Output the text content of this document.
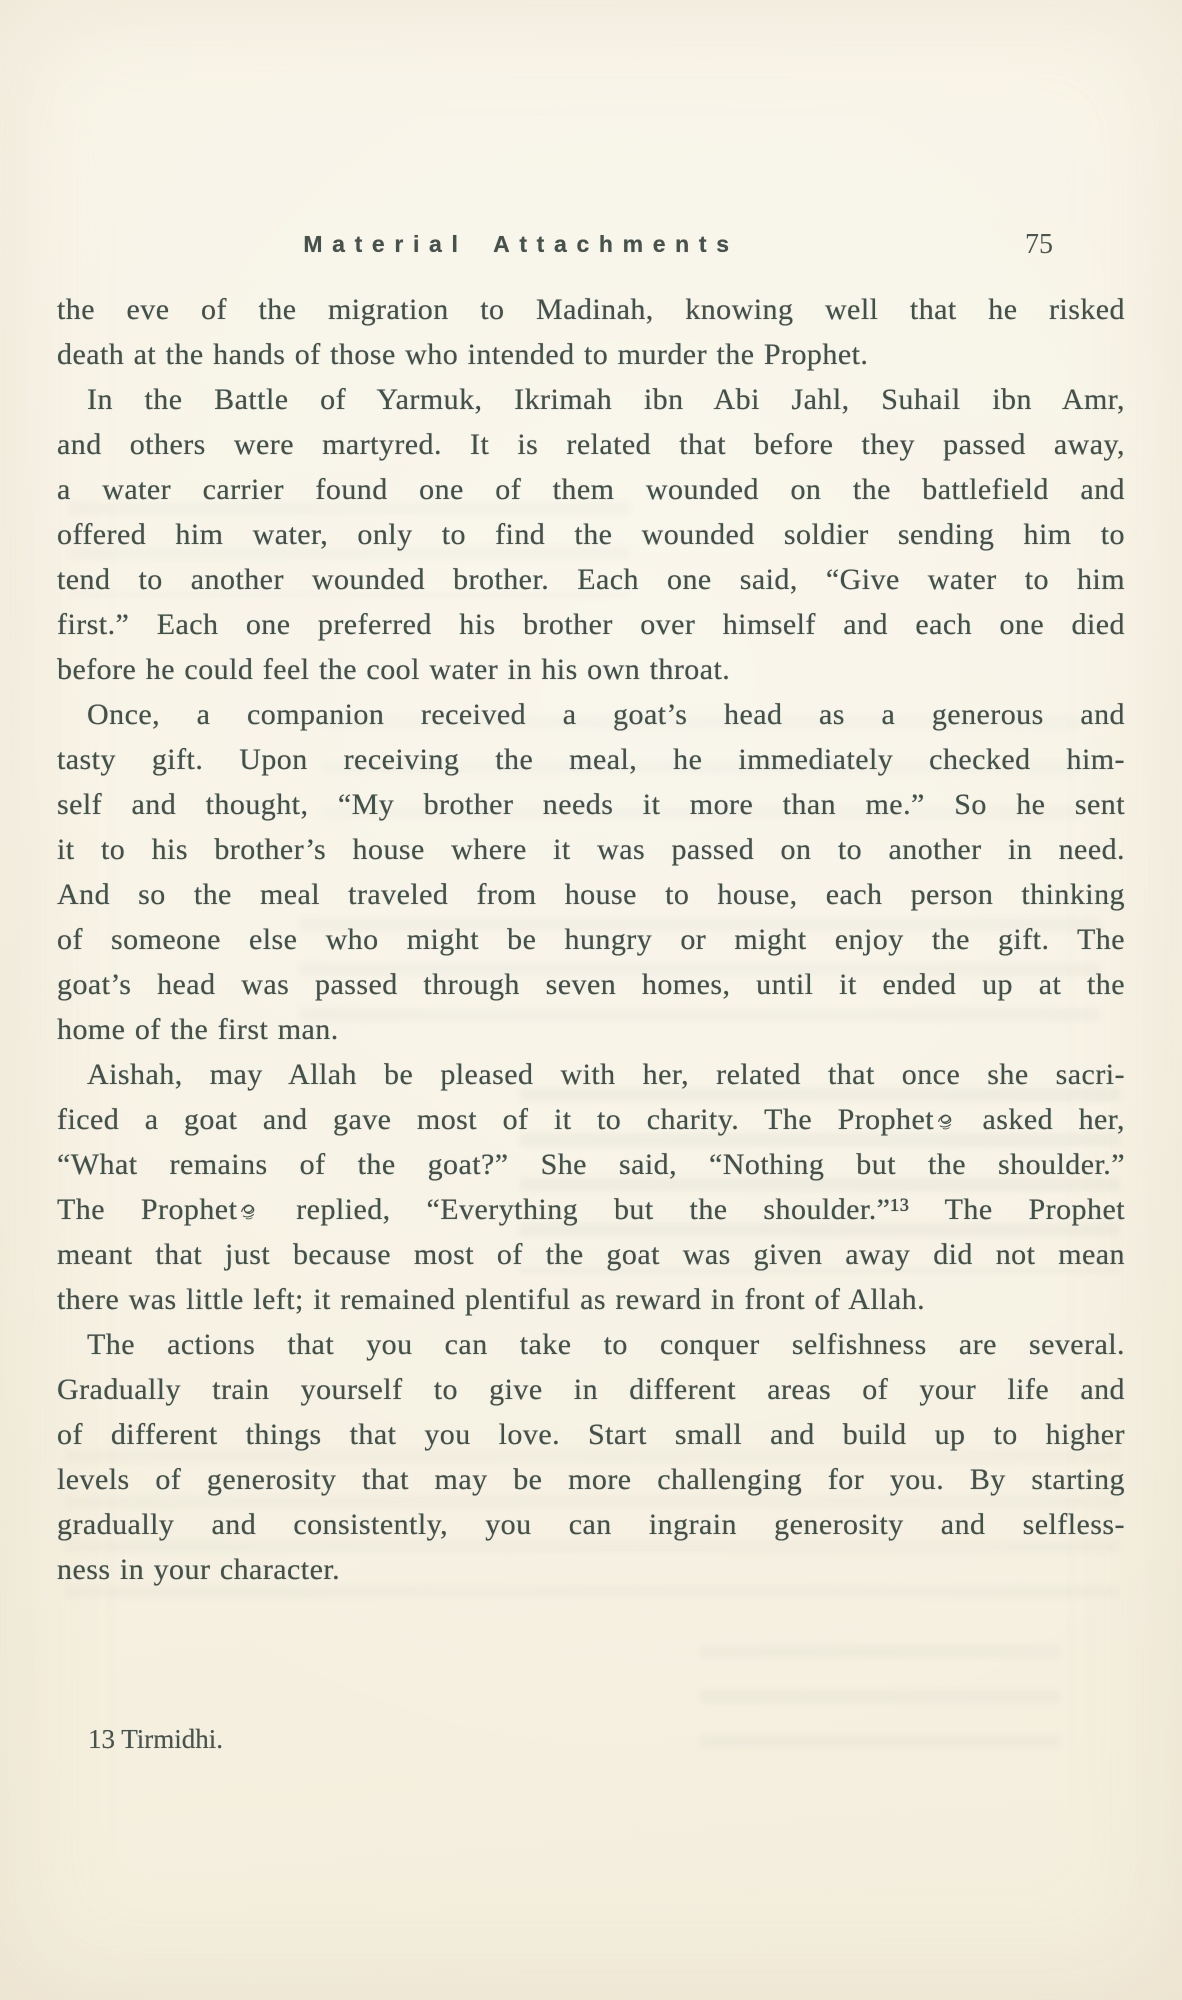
Material Attachments	75
the eve of the migration to Madinah, knowing well that he risked
death at the hands of those who intended to murder the Prophet.
In the Battle of Yarmuk, Ikrimah ibn Abi Jahl, Suhail ibn Amr,
and others were martyred. It is related that before they passed away,
a water carrier found one of them wounded on the battlefield and
offered him water, only to find the wounded soldier sending him to
tend to another wounded brother. Each one said, “Give water to him
first.” Each one preferred his brother over himself and each one died
before he could feel the cool water in his own throat.
Once, a companion received a goat’s head as a generous and
tasty gift. Upon receiving the meal, he immediately checked him-
self and thought, “My brother needs it more than me.” So he sent
it to his brother’s house where it was passed on to another in need.
And so the meal traveled from house to house, each person thinking
of someone else who might be hungry or might enjoy the gift. The
goat’s head was passed through seven homes, until it ended up at the
home of the first man.
Aishah, may Allah be pleased with her, related that once she sacri-
ficed a goat and gave most of it to charity. The Prophet asked her,
“What remains of the goat?” She said, “Nothing but the shoulder.”
The Prophet replied, “Everything but the shoulder.”¹³ The Prophet
meant that just because most of the goat was given away did not mean
there was little left; it remained plentiful as reward in front of Allah.
The actions that you can take to conquer selfishness are several.
Gradually train yourself to give in different areas of your life and
of different things that you love. Start small and build up to higher
levels of generosity that may be more challenging for you. By starting
gradually and consistently, you can ingrain generosity and selfless-
ness in your character.
13 Tirmidhi.
